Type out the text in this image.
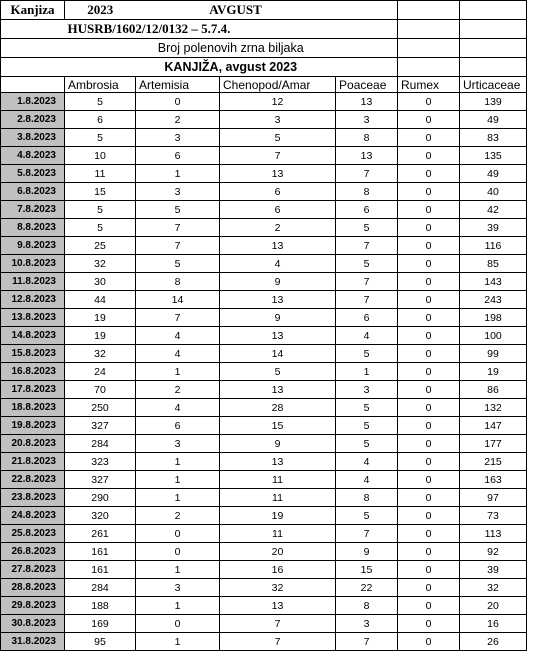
Kanjiza	2023	AVGUST				
	HUSRB/1602/12/0132 – 5.7.4.					
	Broj polenovih zrna biljaka					
	KANJIŽA, avgust 2023					
	Ambrosia	Artemisia	Chenopod/Amar	Poaceae	Rumex	Urticaceae
1.8.2023	5	0	12	13	0	139
2.8.2023	6	2	3	3	0	49
3.8.2023	5	3	5	8	0	83
4.8.2023	10	6	7	13	0	135
5.8.2023	11	1	13	7	0	49
6.8.2023	15	3	6	8	0	40
7.8.2023	5	5	6	6	0	42
8.8.2023	5	7	2	5	0	39
9.8.2023	25	7	13	7	0	116
10.8.2023	32	5	4	5	0	85
11.8.2023	30	8	9	7	0	143
12.8.2023	44	14	13	7	0	243
13.8.2023	19	7	9	6	0	198
14.8.2023	19	4	13	4	0	100
15.8.2023	32	4	14	5	0	99
16.8.2023	24	1	5	1	0	19
17.8.2023	70	2	13	3	0	86
18.8.2023	250	4	28	5	0	132
19.8.2023	327	6	15	5	0	147
20.8.2023	284	3	9	5	0	177
21.8.2023	323	1	13	4	0	215
22.8.2023	327	1	11	4	0	163
23.8.2023	290	1	11	8	0	97
24.8.2023	320	2	19	5	0	73
25.8.2023	261	0	11	7	0	113
26.8.2023	161	0	20	9	0	92
27.8.2023	161	1	16	15	0	39
28.8.2023	284	3	32	22	0	32
29.8.2023	188	1	13	8	0	20
30.8.2023	169	0	7	3	0	16
31.8.2023	95	1	7	7	0	26
